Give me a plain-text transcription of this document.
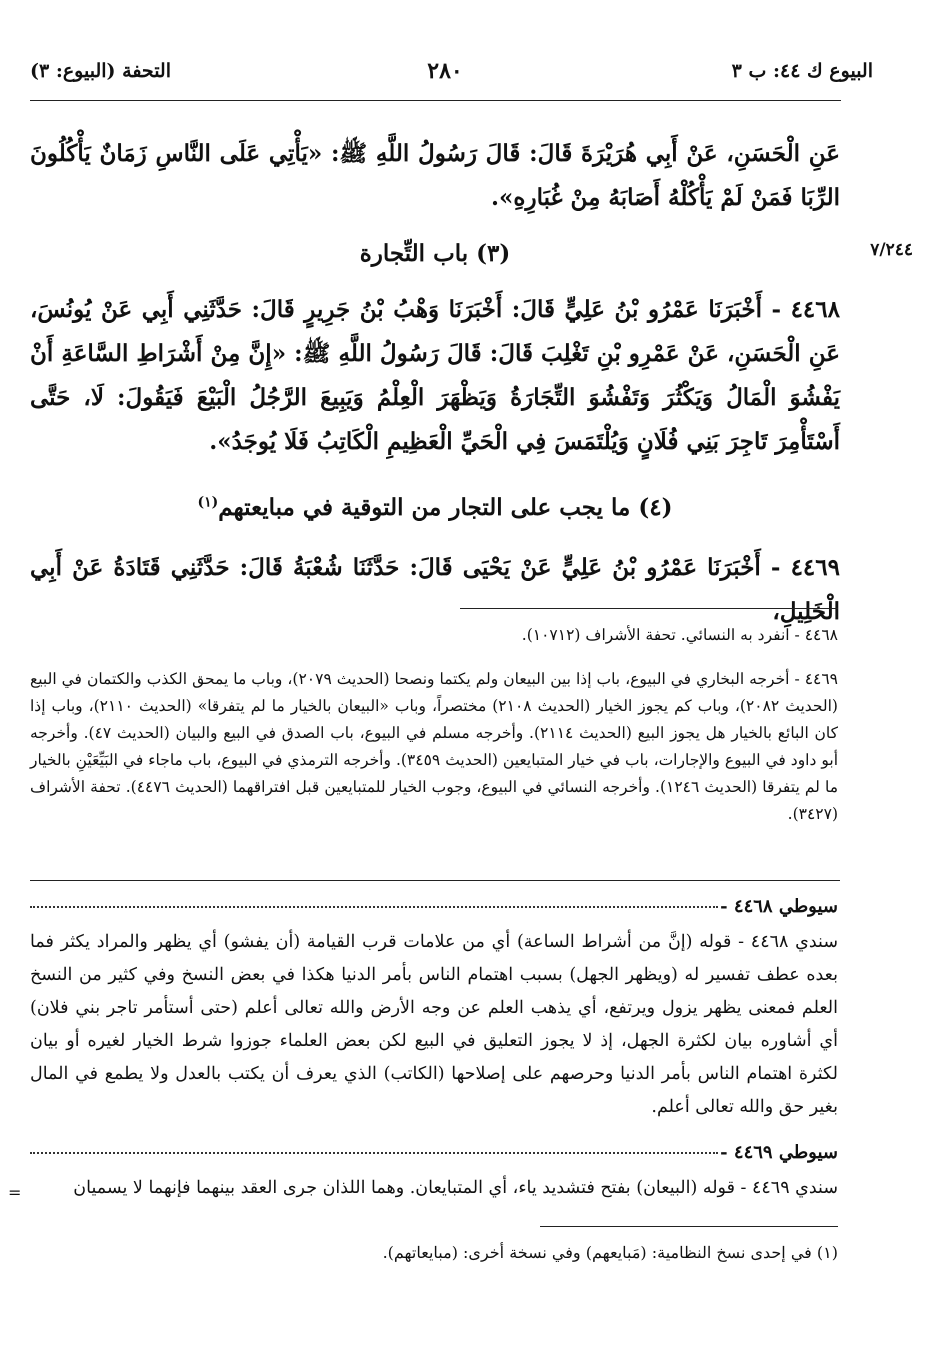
البيوع ك ٤٤: ب ٣
٢٨٠
التحفة (البيوع: ٣)
٧/٢٤٤
عَنِ الْحَسَنِ، عَنْ أَبِي هُرَيْرَةَ قَالَ: قَالَ رَسُولُ اللَّهِ ﷺ: «يَأْتِي عَلَى النَّاسِ زَمَانٌ يَأْكُلُونَ الرِّبَا فَمَنْ لَمْ يَأْكُلْهُ أَصَابَهُ مِنْ غُبَارِهِ».
(٣) باب التِّجارة
٤٤٦٨ - أَخْبَرَنَا عَمْرُو بْنُ عَلِيٍّ قَالَ: أَخْبَرَنَا وَهْبُ بْنُ جَرِيرٍ قَالَ: حَدَّثَنِي أَبِي عَنْ يُونُسَ، عَنِ الْحَسَنِ، عَنْ عَمْرِو بْنِ تَغْلِبَ قَالَ: قَالَ رَسُولُ اللَّهِ ﷺ: «إِنَّ مِنْ أَشْرَاطِ السَّاعَةِ أَنْ يَفْشُوَ الْمَالُ وَيَكْثُرَ وَتَفْشُوَ التِّجَارَةُ وَيَظْهَرَ الْعِلْمُ وَيَبِيعَ الرَّجُلُ الْبَيْعَ فَيَقُولَ: لَا، حَتَّى أَسْتَأْمِرَ تَاجِرَ بَنِي فُلَانٍ وَيُلْتَمَسَ فِي الْحَيِّ الْعَظِيمِ الْكَاتِبُ فَلَا يُوجَدُ».
(٤) ما يجب على التجار من التوقية في مبايعتهم$^{(١)}$
٤٤٦٩ - أَخْبَرَنَا عَمْرُو بْنُ عَلِيٍّ عَنْ يَحْيَى قَالَ: حَدَّثَنَا شُعْبَةُ قَالَ: حَدَّثَنِي قَتَادَةُ عَنْ أَبِي الْخَلِيلِ،
٤٤٦٨ - انفرد به النسائي. تحفة الأشراف (١٠٧١٢).
٤٤٦٩ - أخرجه البخاري في البيوع، باب إذا بين البيعان ولم يكتما ونصحا (الحديث ٢٠٧٩)، وباب ما يمحق الكذب والكتمان في البيع (الحديث ٢٠٨٢)، وباب كم يجوز الخيار (الحديث ٢١٠٨) مختصراً، وباب «البيعان بالخيار ما لم يتفرقا» (الحديث ٢١١٠)، وباب إذا كان البائع بالخيار هل يجوز البيع (الحديث ٢١١٤). وأخرجه مسلم في البيوع، باب الصدق في البيع والبيان (الحديث ٤٧). وأخرجه أبو داود في البيوع والإجارات، باب في خيار المتبايعين (الحديث ٣٤٥٩). وأخرجه الترمذي في البيوع، باب ماجاء في البَيِّعَيْنِ بالخيار ما لم يتفرقا (الحديث ١٢٤٦). وأخرجه النسائي في البيوع، وجوب الخيار للمتبايعين قبل افتراقهما (الحديث ٤٤٧٦). تحفة الأشراف (٣٤٢٧).
سيوطي ٤٤٦٨ -
سندي ٤٤٦٨ - قوله (إنَّ من أشراط الساعة) أي من علامات قرب القيامة (أن يفشو) أي يظهر والمراد يكثر فما بعده عطف تفسير له (ويظهر الجهل) بسبب اهتمام الناس بأمر الدنيا هكذا في بعض النسخ وفي كثير من النسخ العلم فمعنى يظهر يزول ويرتفع، أي يذهب العلم عن وجه الأرض والله تعالى أعلم (حتى أستأمر تاجر بني فلان) أي أشاوره بيان لكثرة الجهل، إذ لا يجوز التعليق في البيع لكن بعض العلماء جوزوا شرط الخيار لغيره أو بيان لكثرة اهتمام الناس بأمر الدنيا وحرصهم على إصلاحها (الكاتب) الذي يعرف أن يكتب بالعدل ولا يطمع في المال بغير حق والله تعالى أعلم.
سيوطي ٤٤٦٩ -
سندي ٤٤٦٩ - قوله (البيعان) بفتح فتشديد ياء، أي المتبايعان. وهما اللذان جرى العقد بينهما فإنهما لا يسميان
=
(١) في إحدى نسخ النظامية: (مَبايعهم) وفي نسخة أخرى: (مبايعاتهم).
